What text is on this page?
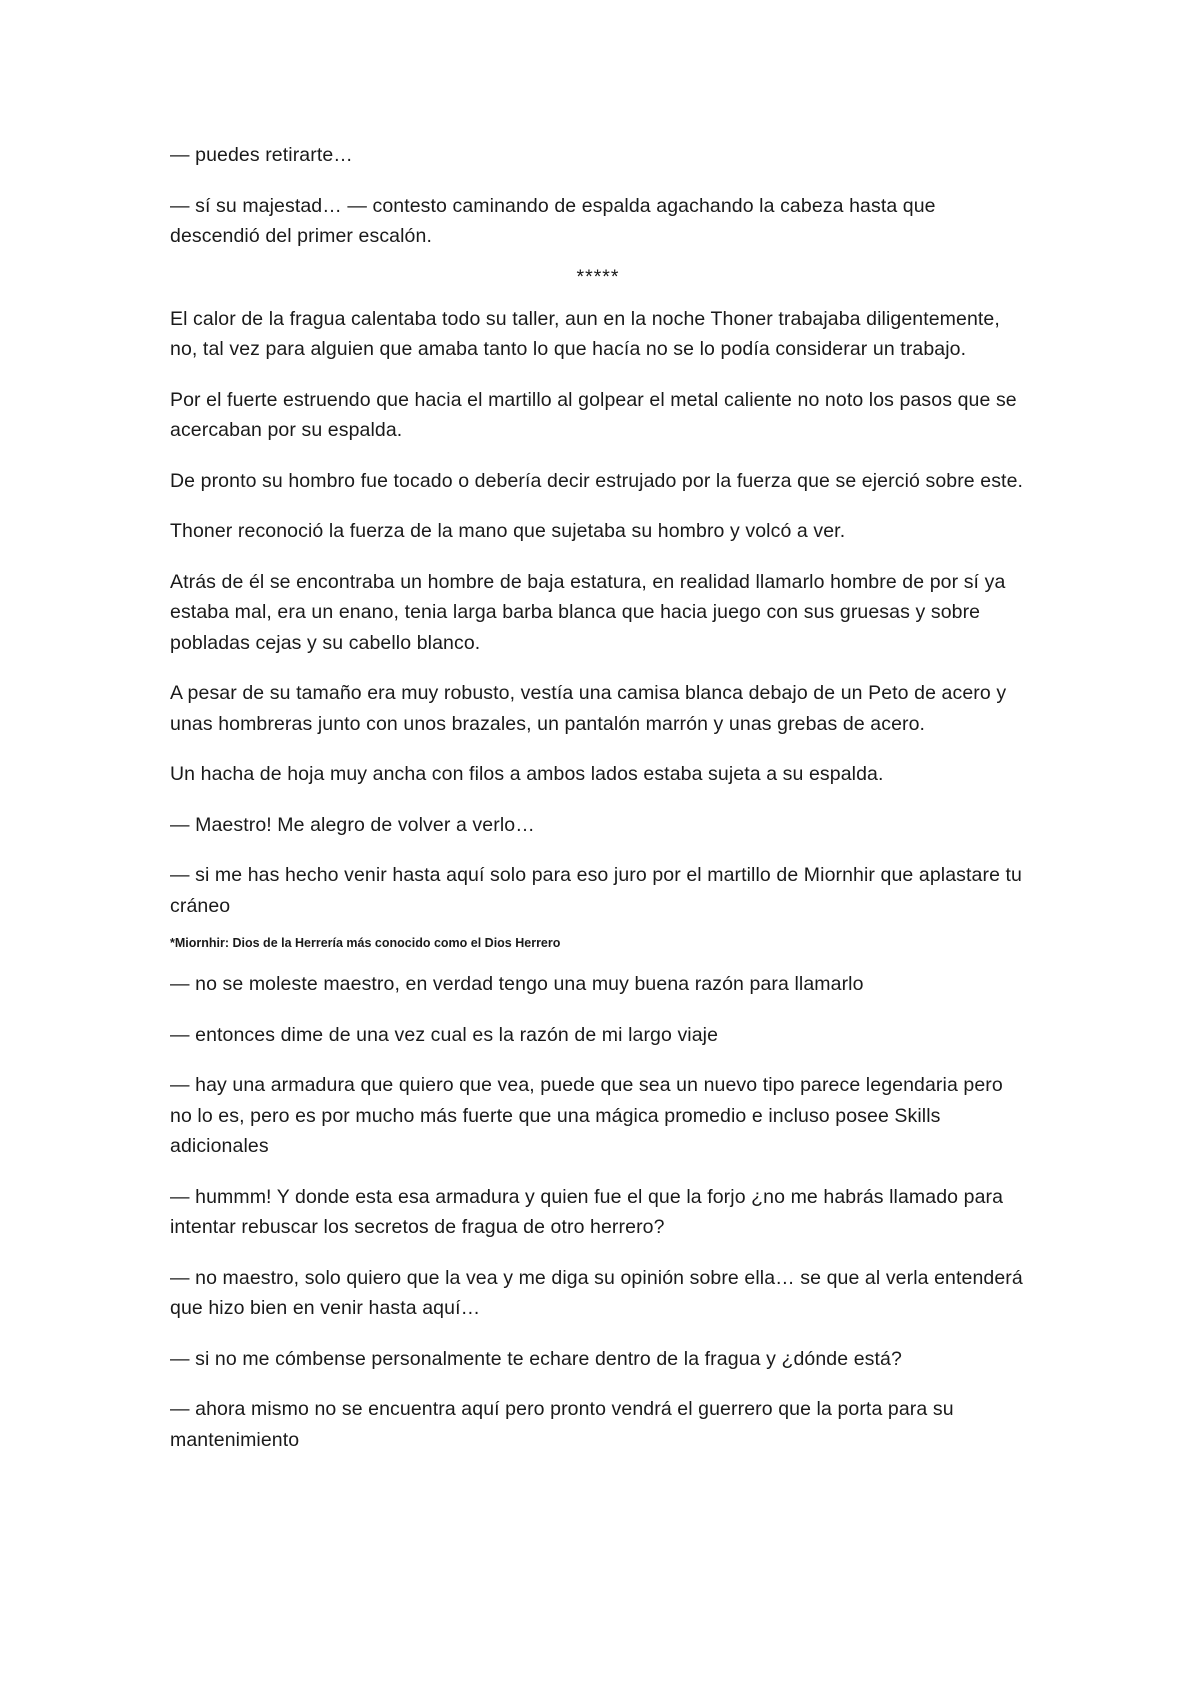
— puedes retirarte…

— sí su majestad… — contesto caminando de espalda agachando la cabeza hasta que descendió del primer escalón.

*****

El calor de la fragua calentaba todo su taller, aun en la noche Thoner trabajaba diligentemente, no, tal vez para alguien que amaba tanto lo que hacía no se lo podía considerar un trabajo.

Por el fuerte estruendo que hacia el martillo al golpear el metal caliente no noto los pasos que se acercaban por su espalda.

De pronto su hombro fue tocado o debería decir estrujado por la fuerza que se ejerció sobre este.

Thoner reconoció la fuerza de la mano que sujetaba su hombro y volcó a ver.

Atrás de él se encontraba un hombre de baja estatura, en realidad llamarlo hombre de por sí ya estaba mal, era un enano, tenia larga barba blanca que hacia juego con sus gruesas y sobre pobladas cejas y su cabello blanco.

A pesar de su tamaño era muy robusto, vestía una camisa blanca debajo de un Peto de acero y unas hombreras junto con unos brazales, un pantalón marrón y unas grebas de acero.

Un hacha de hoja muy ancha con filos a ambos lados estaba sujeta a su espalda.

— Maestro! Me alegro de volver a verlo…

— si me has hecho venir hasta aquí solo para eso juro por el martillo de Miornhir que aplastare tu cráneo

*Miornhir: Dios de la Herrería más conocido como el Dios Herrero

— no se moleste maestro, en verdad tengo una muy buena razón para llamarlo

— entonces dime de una vez cual es la razón de mi largo viaje

— hay una armadura que quiero que vea, puede que sea un nuevo tipo parece legendaria pero no lo es, pero es por mucho más fuerte que una mágica promedio e incluso posee Skills adicionales

— hummm! Y donde esta esa armadura y quien fue el que la forjo ¿no me habrás llamado para intentar rebuscar los secretos de fragua de otro herrero?

— no maestro, solo quiero que la vea y me diga su opinión sobre ella… se que al verla entenderá que hizo bien en venir hasta aquí…

— si no me cómbense personalmente te echare dentro de la fragua y ¿dónde está?

— ahora mismo no se encuentra aquí pero pronto vendrá el guerrero que la porta para su mantenimiento
